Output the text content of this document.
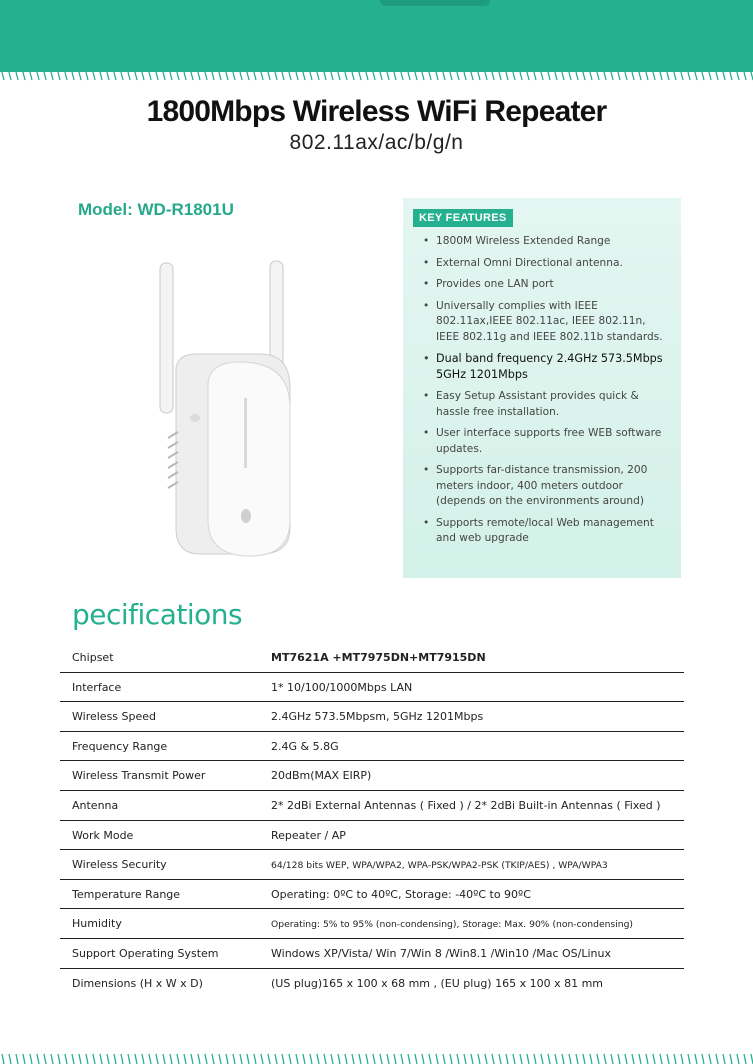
1800Mbps Wireless WiFi Repeater
802.11ax/ac/b/g/n
Model: WD-R1801U	KEY FEATURES
• 1800M Wireless Extended Range
• External Omni Directional antenna.
• Provides one LAN port
• Universally complies with IEEE 802.11ax,IEEE 802.11ac, IEEE 802.11n, IEEE 802.11g and IEEE 802.11b standards.
• Dual band frequency 2.4GHz 573.5Mbps 5GHz 1201Mbps
• Easy Setup Assistant provides quick & hassle free installation.
• User interface supports free WEB software updates.
• Supports far-distance transmission, 200 meters indoor, 400 meters outdoor (depends on the environments around)
• Supports remote/local Web management and web upgrade
pecifications
Chipset	MT7621A +MT7975DN+MT7915DN
Interface	1* 10/100/1000Mbps LAN
Wireless Speed	2.4GHz 573.5Mbpsm, 5GHz 1201Mbps
Frequency Range	2.4G & 5.8G
Wireless Transmit Power	20dBm(MAX EIRP)
Antenna	2* 2dBi External Antennas ( Fixed ) / 2* 2dBi Built-in Antennas ( Fixed )
Work Mode	Repeater / AP
Wireless Security	64/128 bits WEP, WPA/WPA2, WPA-PSK/WPA2-PSK (TKIP/AES) , WPA/WPA3
Temperature Range	Operating: 0ºC to 40ºC, Storage: -40ºC to 90ºC
Humidity	Operating: 5% to 95% (non-condensing), Storage: Max. 90% (non-condensing)
Support Operating System	Windows XP/Vista/ Win 7/Win 8 /Win8.1 /Win10 /Mac OS/Linux
Dimensions (H x W x D)	(US plug)165 x 100 x 68 mm , (EU plug) 165 x 100 x 81 mm
